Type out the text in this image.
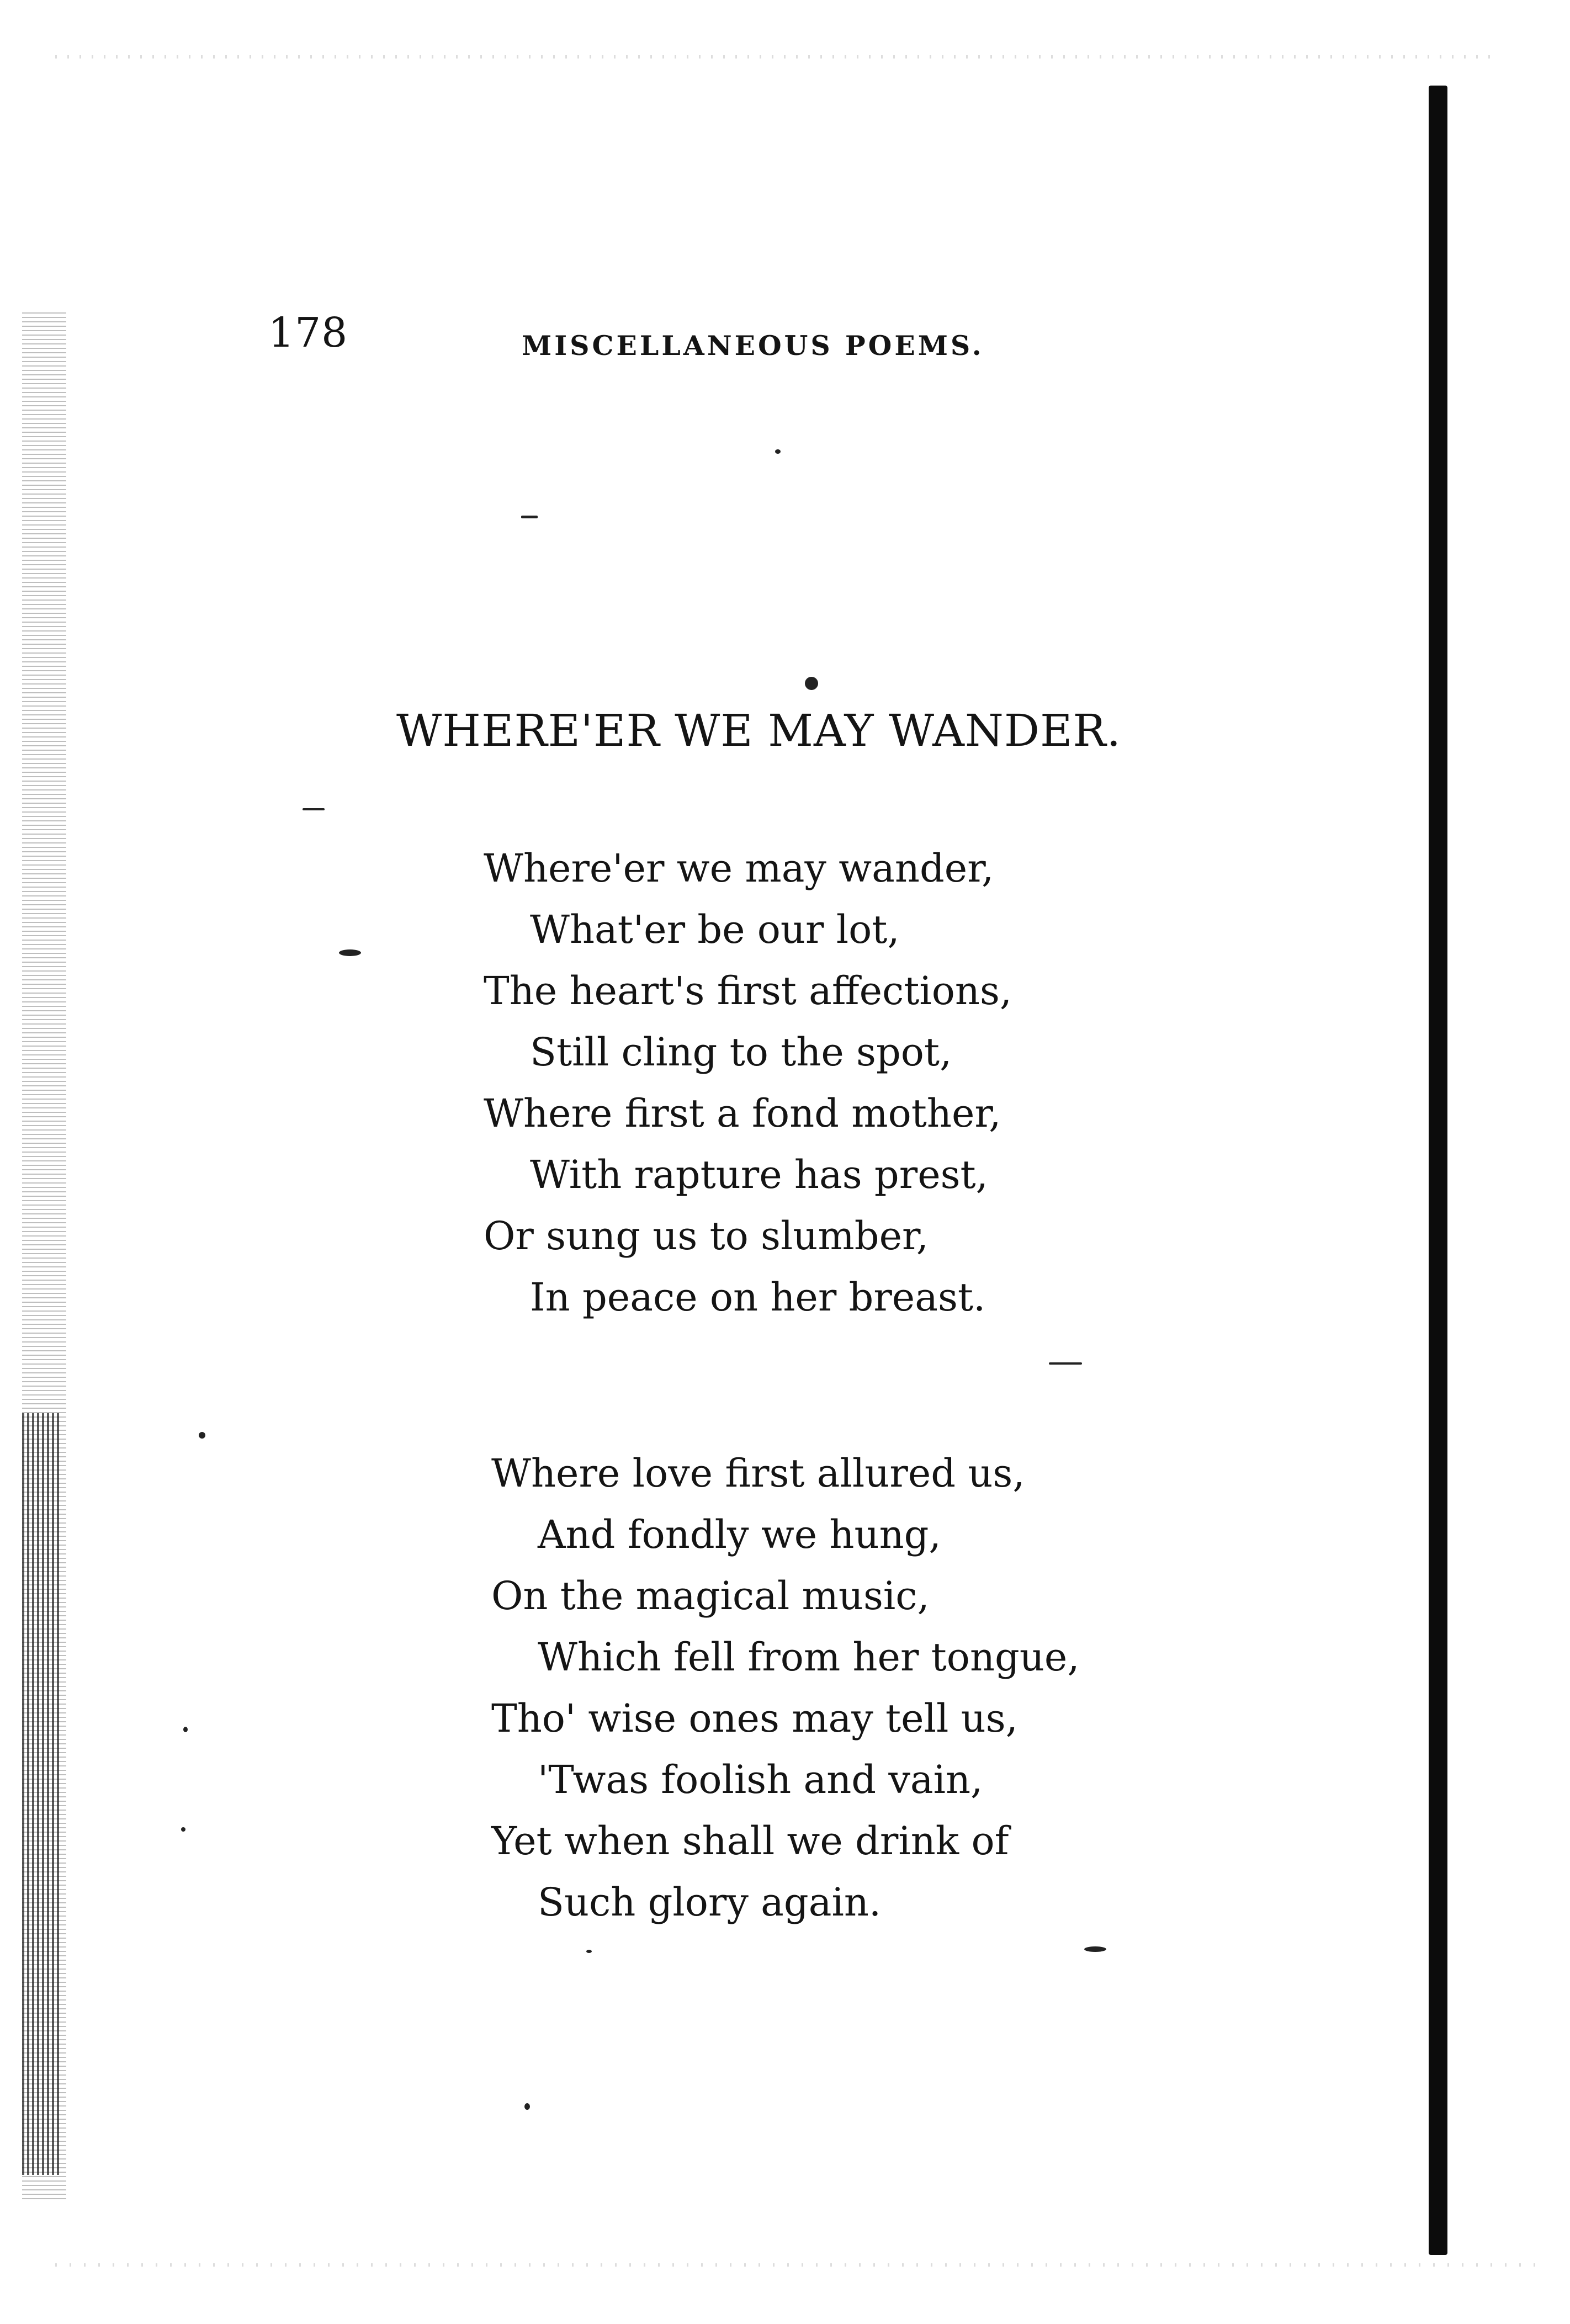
178	MISCELLANEOUS POEMS.
WHERE'ER WE MAY WANDER.
Where'er we may wander,
What'er be our lot,
The heart's first affections,
Still cling to the spot,
Where first a fond mother,
With rapture has prest,
Or sung us to slumber,
In peace on her breast.
Where love first allured us,
And fondly we hung,
On the magical music,
Which fell from her tongue,
Tho' wise ones may tell us,
'Twas foolish and vain,
Yet when shall we drink of
Such glory again.
